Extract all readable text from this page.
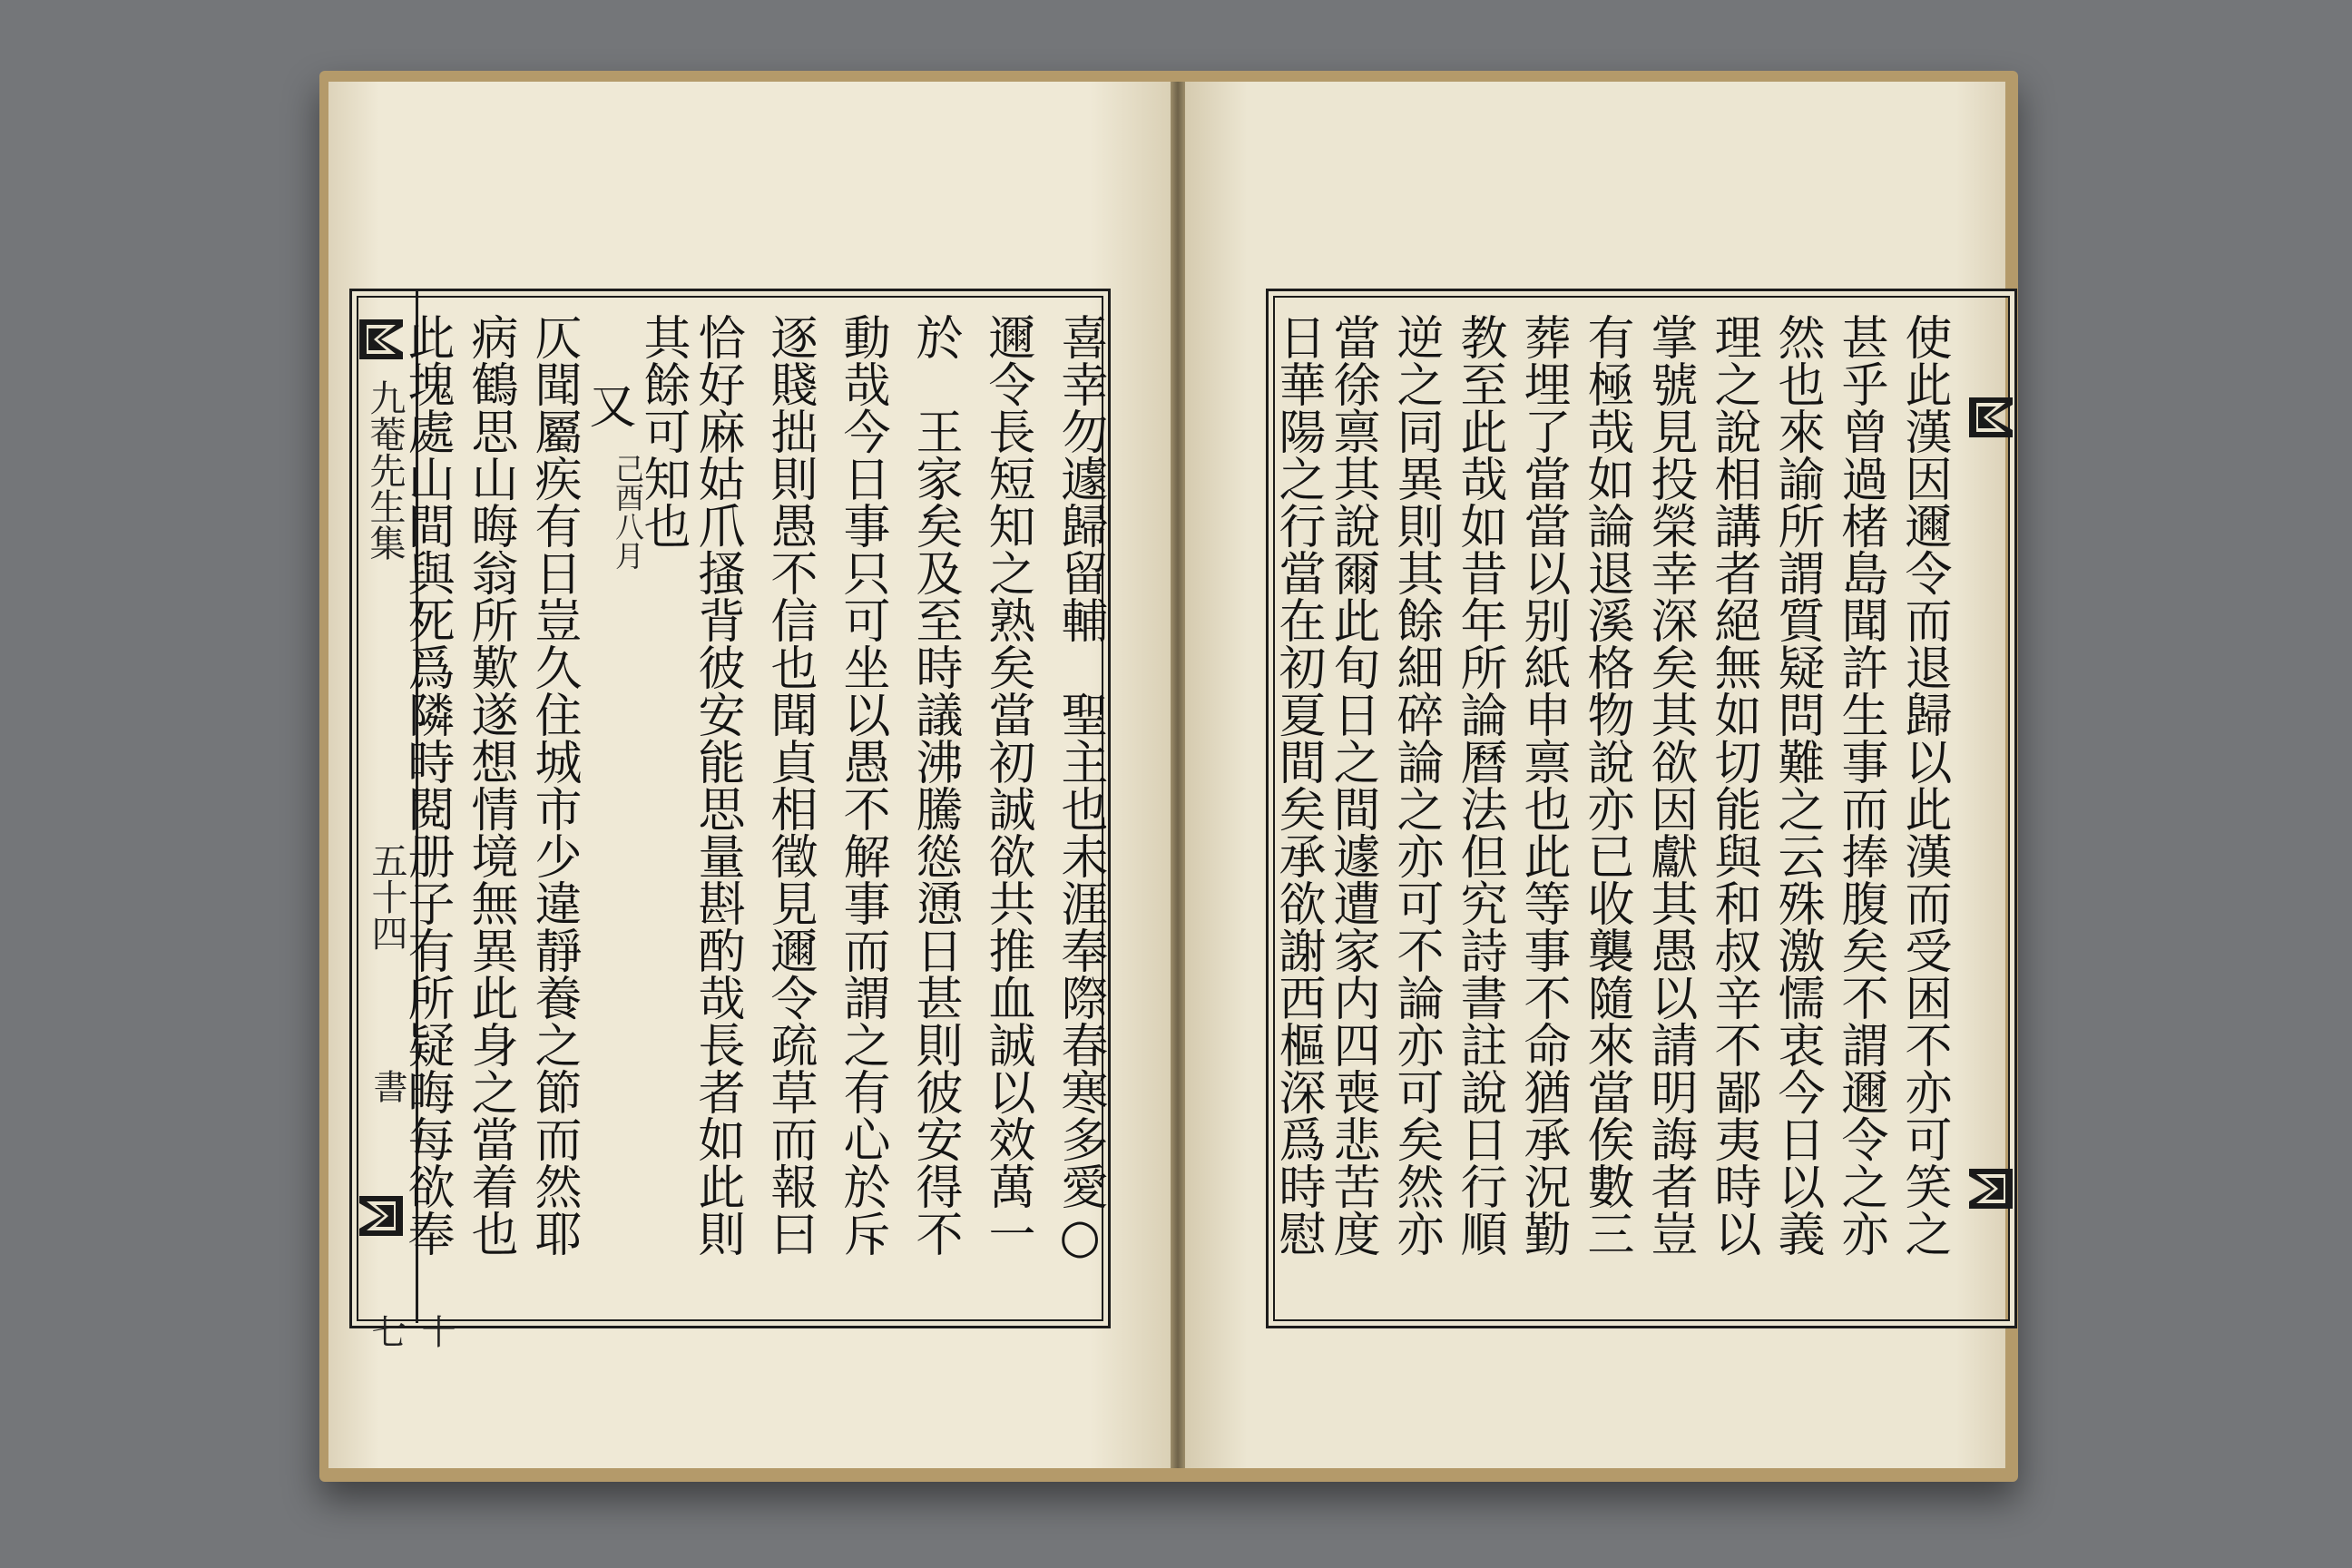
九菴先生集
五十四
書
十七
喜幸勿遽歸留輔　聖主也未涯奉際春寒多愛○
邇令長短知之熟矣當初誠欲共推血誠以效萬一
於　王家矣及至時議沸騰慫慂日甚則彼安得不
動哉今日事只可坐以愚不解事而謂之有心於斥
逐賤拙則愚不信也聞貞相徵見邇令疏草而報曰
恰好麻姑爪搔背彼安能思量斟酌哉長者如此則
其餘可知也
又
己酉八月
仄聞屬疾有日豈久住城市少違靜養之節而然耶
病鶴思山晦翁所歎遂想情境無異此身之當着也
此塊處山間與死爲隣時閱册子有所疑晦每欲奉	使此漢因邇令而退歸以此漢而受困不亦可笑之
甚乎曾過楮島聞許生事而捧腹矣不謂邇令之亦
然也來諭所謂質疑問難之云殊激懦衷今日以義
理之說相講者絕無如切能與和叔辛不鄙夷時以
掌號見投榮幸深矣其欲因獻其愚以請明誨者豈
有極哉如論退溪格物說亦已收襲隨來當俟數三
葬埋了當當以别紙申禀也此等事不命猶承況勤
教至此哉如昔年所論曆法但究詩書註說日行順
逆之同異則其餘細碎論之亦可不論亦可矣然亦
當徐禀其說爾此旬日之間遽遭家内四喪悲苦度
日華陽之行當在初夏間矣承欲謝西樞深爲時慰
